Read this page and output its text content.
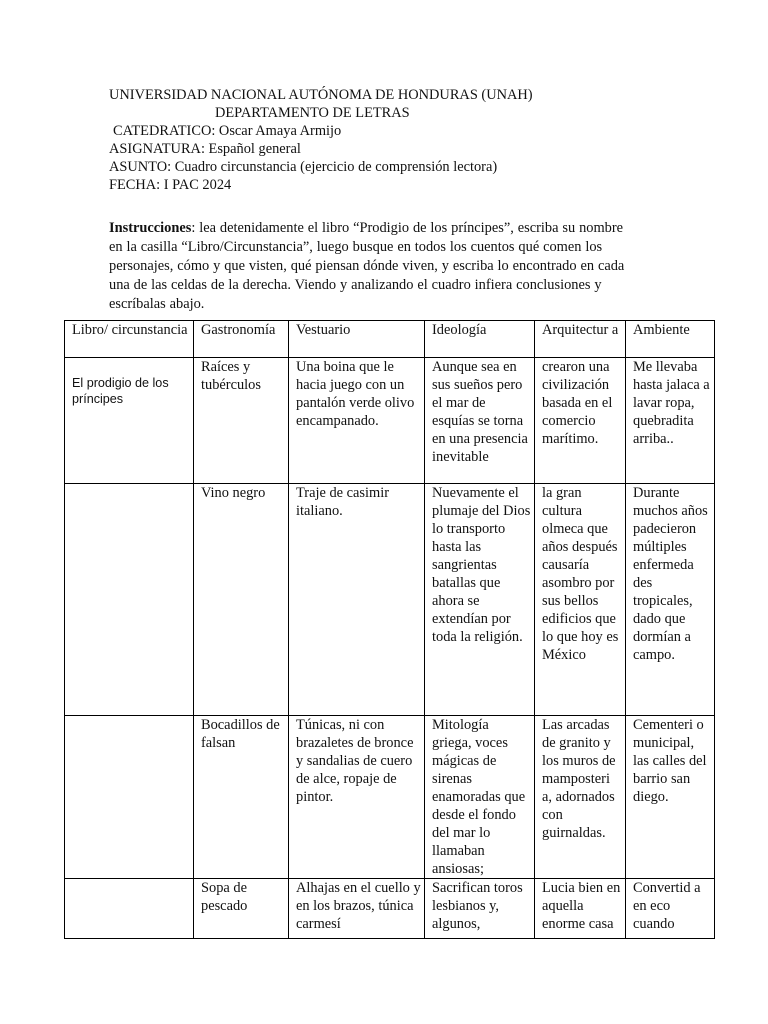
UNIVERSIDAD NACIONAL AUTÓNOMA DE HONDURAS (UNAH)
DEPARTAMENTO DE LETRAS
CATEDRATICO: Oscar Amaya Armijo
ASIGNATURA: Español general
ASUNTO: Cuadro circunstancia (ejercicio de comprensión lectora)
FECHA: I PAC 2024
Instrucciones: lea detenidamente el libro “Prodigio de los príncipes”, escriba su nombre en la casilla “Libro/Circunstancia”, luego busque en todos los cuentos qué comen los personajes, cómo y que visten, qué piensan dónde viven, y escriba lo encontrado en cada una de las celdas de la derecha. Viendo y analizando el cuadro infiera conclusiones y escríbalas abajo.
Libro/ circunstancia	Gastronomía	Vestuario	Ideología	Arquitectur a	Ambiente
El prodigio de los príncipes	Raíces y tubérculos	Una boina que le hacia juego con un pantalón verde olivo encampanado.	Aunque sea en sus sueños pero el mar de esquías se torna en una presencia inevitable	crearon una civilización basada en el comercio marítimo.	Me llevaba hasta jalaca a lavar ropa, quebradita arriba..
	Vino negro	Traje de casimir italiano.	Nuevamente el plumaje del Dios lo transporto hasta las sangrientas batallas que ahora se extendían por toda la religión.	la gran cultura olmeca que años después causaría asombro por sus bellos edificios que lo que hoy es México	Durante muchos años padecieron múltiples enfermeda des tropicales, dado que dormían a campo.
	Bocadillos de falsan	Túnicas, ni con brazaletes de bronce y sandalias de cuero de alce, ropaje de pintor.	Mitología griega, voces mágicas de sirenas enamoradas que desde el fondo del mar lo llamaban ansiosas;	Las arcadas de granito y los muros de mamposteri a, adornados con guirnaldas.	Cementeri o municipal, las calles del barrio san diego.
	Sopa de pescado	Alhajas en el cuello y en los brazos, túnica carmesí	Sacrifican toros lesbianos y, algunos,	Lucia bien en aquella enorme casa	Convertid a en eco cuando
